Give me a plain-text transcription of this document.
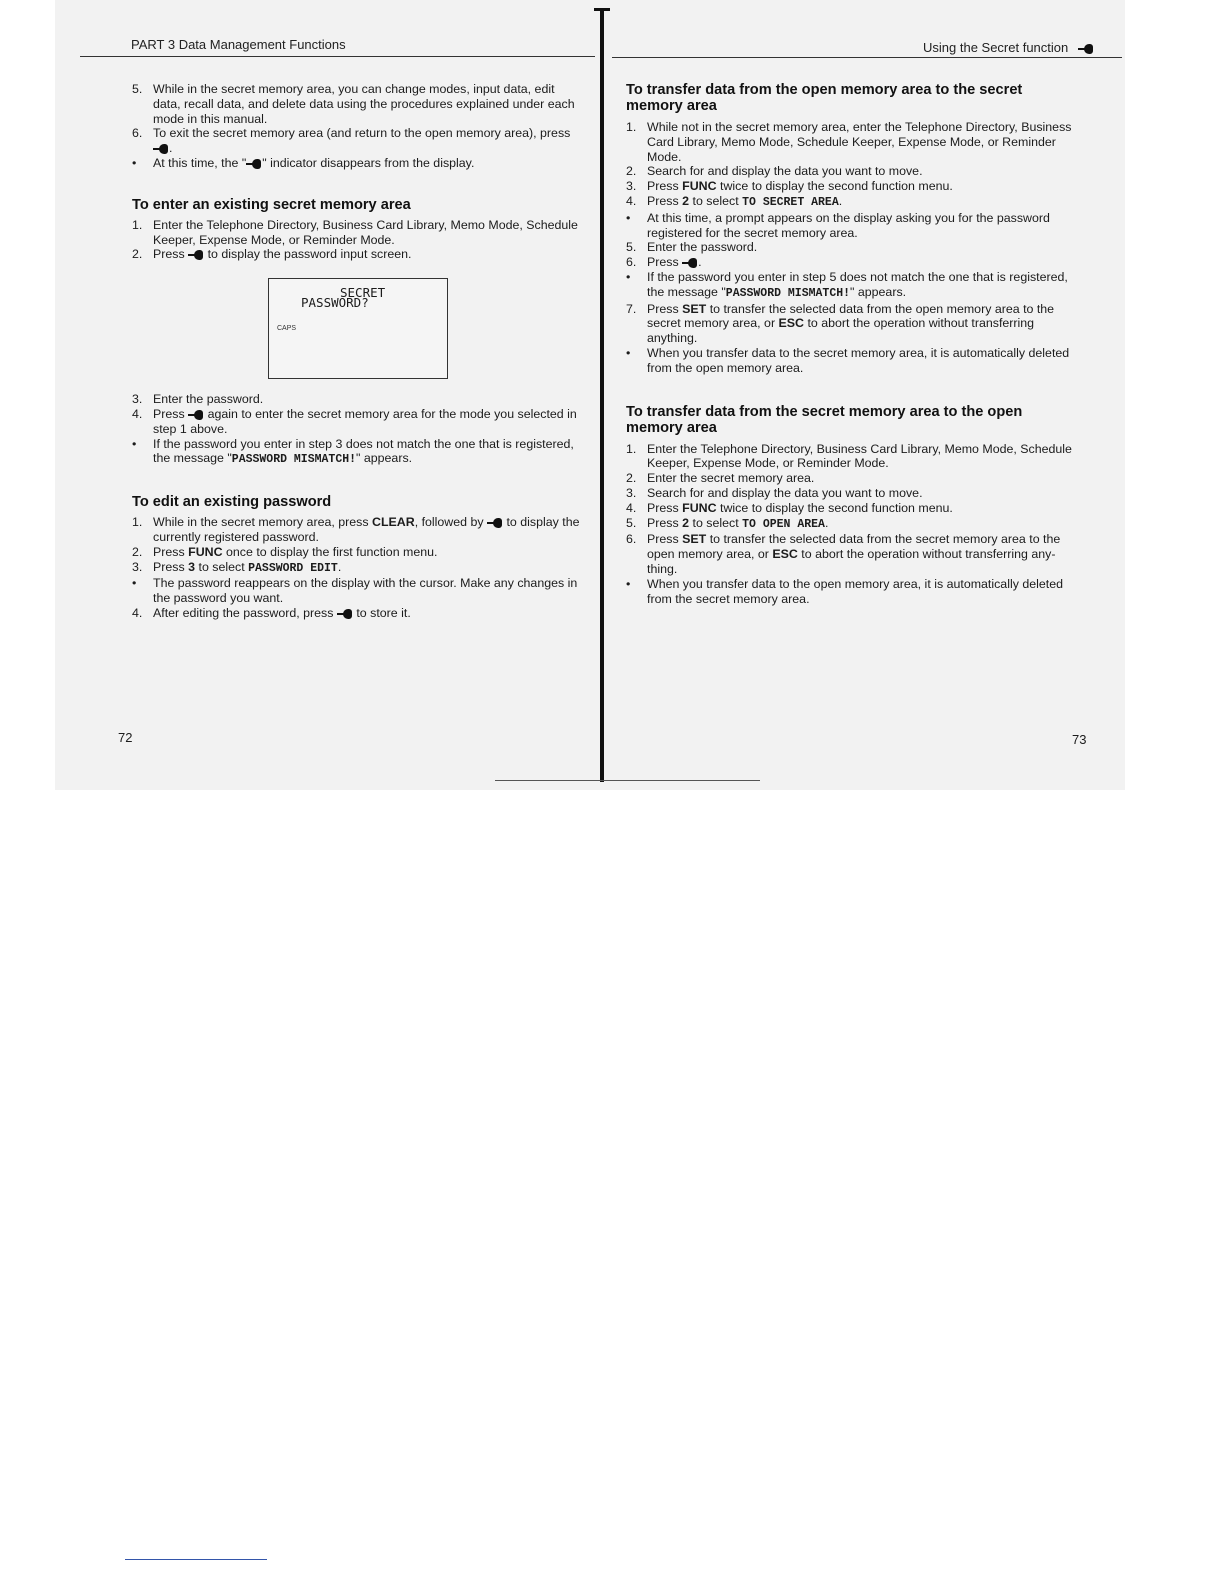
PART 3 Data Management Functions	Using the Secret function

5. While in the secret memory area, you can change modes, input data, edit data, recall data, and delete data using the procedures explained under each mode in this manual.

6. To exit the secret memory area (and return to the open memory area), press .

• At this time, the " " indicator disappears from the display.

To enter an existing secret memory area

1. Enter the Telephone Directory, Business Card Library, Memo Mode, Schedule Keeper, Expense Mode, or Reminder Mode.

2. Press to display the password input screen.

3. Enter the password.

4. Press again to enter the secret memory area for the mode you selected in step 1 above.

• If the password you enter in step 3 does not match the one that is registered, the message "PASSWORD MISMATCH!" appears.

To edit an existing password

1. While in the secret memory area, press CLEAR, followed by to display the currently registered password.

2. Press FUNC once to display the first function menu.

3. Press 3 to select PASSWORD EDIT.

• The password reappears on the display with the cursor. Make any changes in the password you want.

4. After editing the password, press to store it.

SECRET
PASSWORD?
CAPS
To transfer data from the open memory area to the secret memory area

1. While not in the secret memory area, enter the Telephone Directory, Business Card Library, Memo Mode, Schedule Keeper, Expense Mode, or Reminder Mode.

2. Search for and display the data you want to move.

3. Press FUNC twice to display the second function menu.

4. Press 2 to select TO SECRET AREA.

• At this time, a prompt appears on the display asking you for the password registered for the secret memory area.

5. Enter the password.

6. Press .

• If the password you enter in step 5 does not match the one that is registered, the message "PASSWORD MISMATCH!" appears.

7. Press SET to transfer the selected data from the open memory area to the secret memory area, or ESC to abort the operation without transferring anything.

• When you transfer data to the secret memory area, it is automatically deleted from the open memory area.

To transfer data from the secret memory area to the open memory area

1. Enter the Telephone Directory, Business Card Library, Memo Mode, Schedule Keeper, Expense Mode, or Reminder Mode.

2. Enter the secret memory area.

3. Search for and display the data you want to move.

4. Press FUNC twice to display the second function menu.

5. Press 2 to select TO OPEN AREA.

6. Press SET to transfer the selected data from the secret memory area to the open memory area, or ESC to abort the operation without transferring any-thing.

• When you transfer data to the open memory area, it is automatically deleted from the secret memory area.

72	73
